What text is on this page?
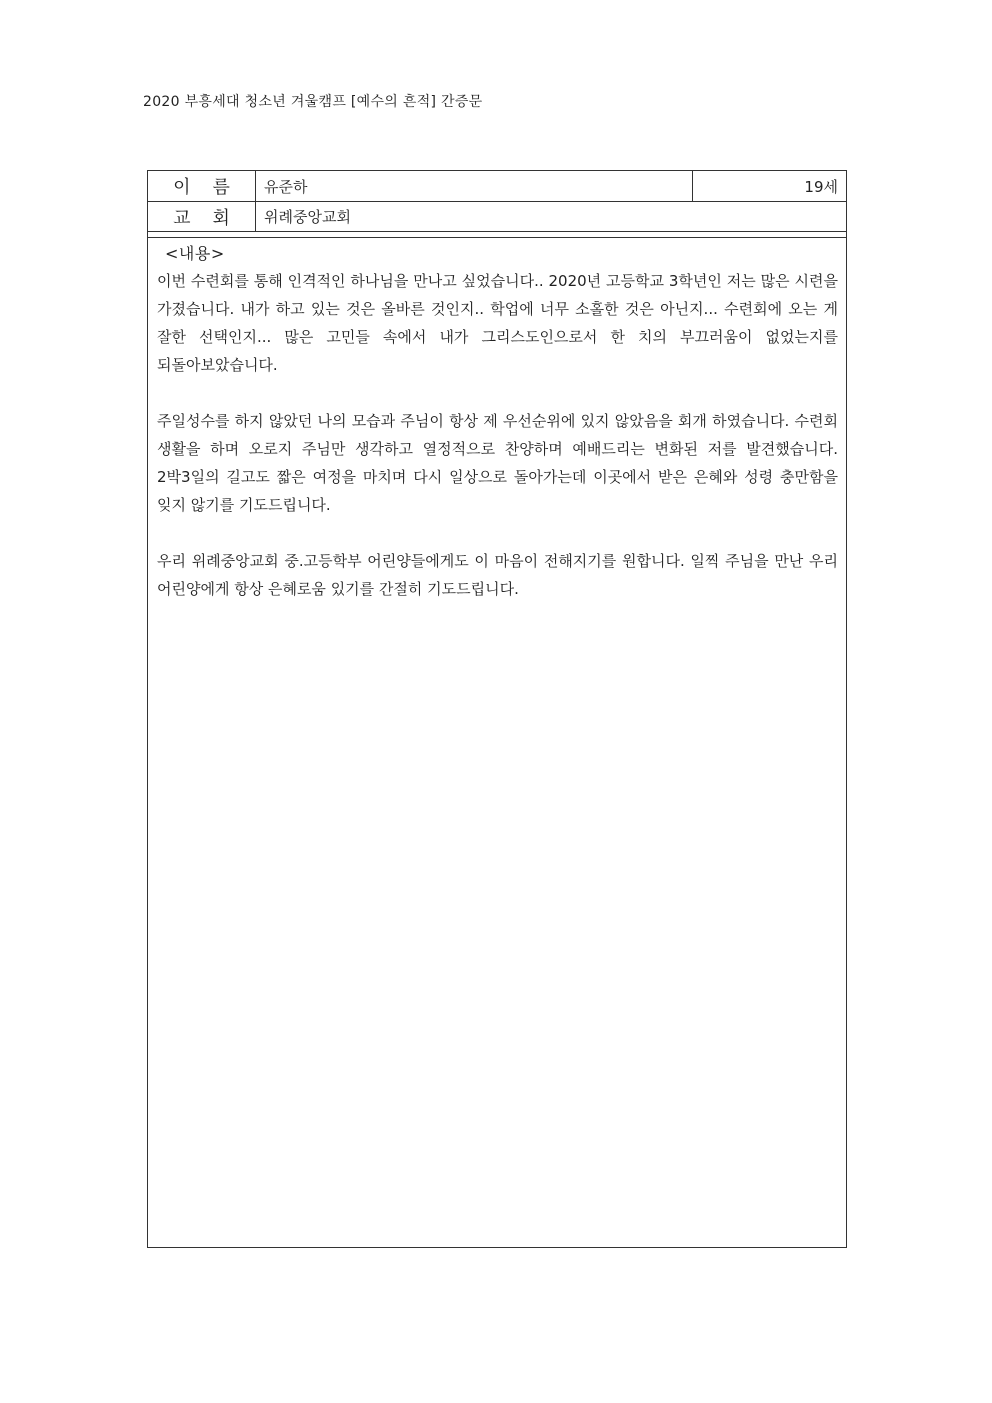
2020 부흥세대 청소년 겨울캠프 [예수의 흔적] 간증문
이름 유준하	19세
교회 위례중앙교회
<내용>

이번 수련회를 통해 인격적인 하나님을 만나고 싶었습니다.. 2020년 고등학교 3학년인 저는 많은 시련을 가졌습니다. 내가 하고 있는 것은 올바른 것인지.. 학업에 너무 소홀한 것은 아닌지... 수련회에 오는 게 잘한 선택인지... 많은 고민들 속에서 내가 그리스도인으로서 한 치의 부끄러움이 없었는지를 되돌아보았습니다.

주일성수를 하지 않았던 나의 모습과 주님이 항상 제 우선순위에 있지 않았음을 회개 하였습니다. 수련회 생활을 하며 오로지 주님만 생각하고 열정적으로 찬양하며 예배드리는 변화된 저를 발견했습니다. 2박3일의 길고도 짧은 여정을 마치며 다시 일상으로 돌아가는데 이곳에서 받은 은혜와 성령 충만함을 잊지 않기를 기도드립니다.

우리 위례중앙교회 중.고등학부 어린양들에게도 이 마음이 전해지기를 원합니다. 일찍 주님을 만난 우리 어린양에게 항상 은혜로움 있기를 간절히 기도드립니다.
